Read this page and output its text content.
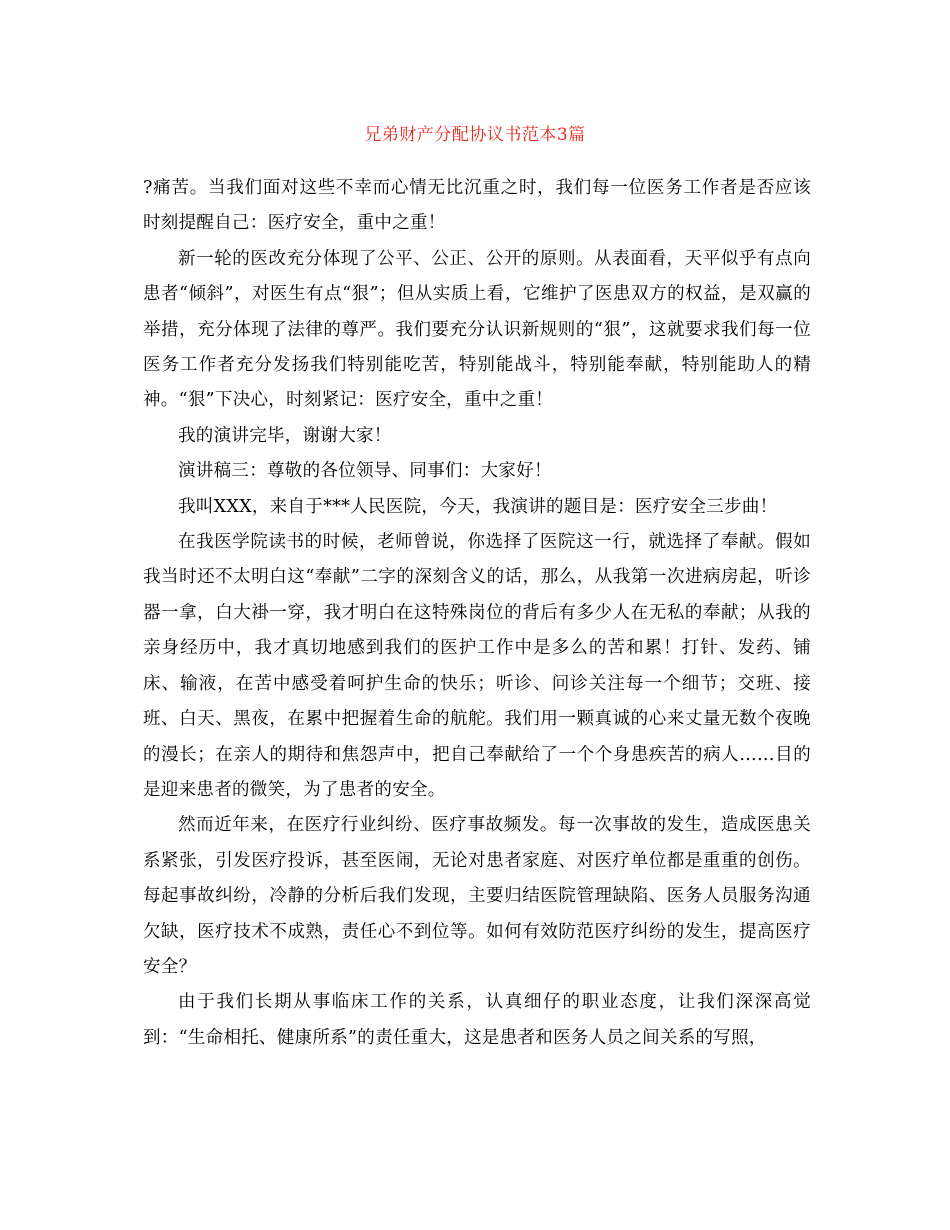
兄弟财产分配协议书范本3篇

?痛苦。当我们面对这些不幸而心情无比沉重之时，我们每一位医务工作者是否应该时刻提醒自己：医疗安全，重中之重！

新一轮的医改充分体现了公平、公正、公开的原则。从表面看，天平似乎有点向患者“倾斜”，对医生有点“狠”；但从实质上看，它维护了医患双方的权益，是双赢的举措，充分体现了法律的尊严。我们要充分认识新规则的“狠”，这就要求我们每一位医务工作者充分发扬我们特别能吃苦，特别能战斗，特别能奉献，特别能助人的精神。“狠”下决心，时刻紧记：医疗安全，重中之重！

我的演讲完毕，谢谢大家！

演讲稿三：尊敬的各位领导、同事们：大家好！

我叫XXX，来自于***人民医院，今天，我演讲的题目是：医疗安全三步曲！

在我医学院读书的时候，老师曾说，你选择了医院这一行，就选择了奉献。假如我当时还不太明白这“奉献”二字的深刻含义的话，那么，从我第一次进病房起，听诊器一拿，白大褂一穿，我才明白在这特殊岗位的背后有多少人在无私的奉献；从我的亲身经历中，我才真切地感到我们的医护工作中是多么的苦和累！打针、发药、铺床、输液，在苦中感受着呵护生命的快乐；听诊、问诊关注每一个细节；交班、接班、白天、黑夜，在累中把握着生命的航舵。我们用一颗真诚的心来丈量无数个夜晚的漫长；在亲人的期待和焦怨声中，把自己奉献给了一个个身患疾苦的病人……目的是迎来患者的微笑，为了患者的安全。

然而近年来，在医疗行业纠纷、医疗事故频发。每一次事故的发生，造成医患关系紧张，引发医疗投诉，甚至医闹，无论对患者家庭、对医疗单位都是重重的创伤。每起事故纠纷，冷静的分析后我们发现，主要归结医院管理缺陷、医务人员服务沟通欠缺，医疗技术不成熟，责任心不到位等。如何有效防范医疗纠纷的发生，提高医疗安全？

由于我们长期从事临床工作的关系，认真细仔的职业态度，让我们深深高觉到：“生命相托、健康所系”的责任重大，这是患者和医务人员之间关系的写照，
